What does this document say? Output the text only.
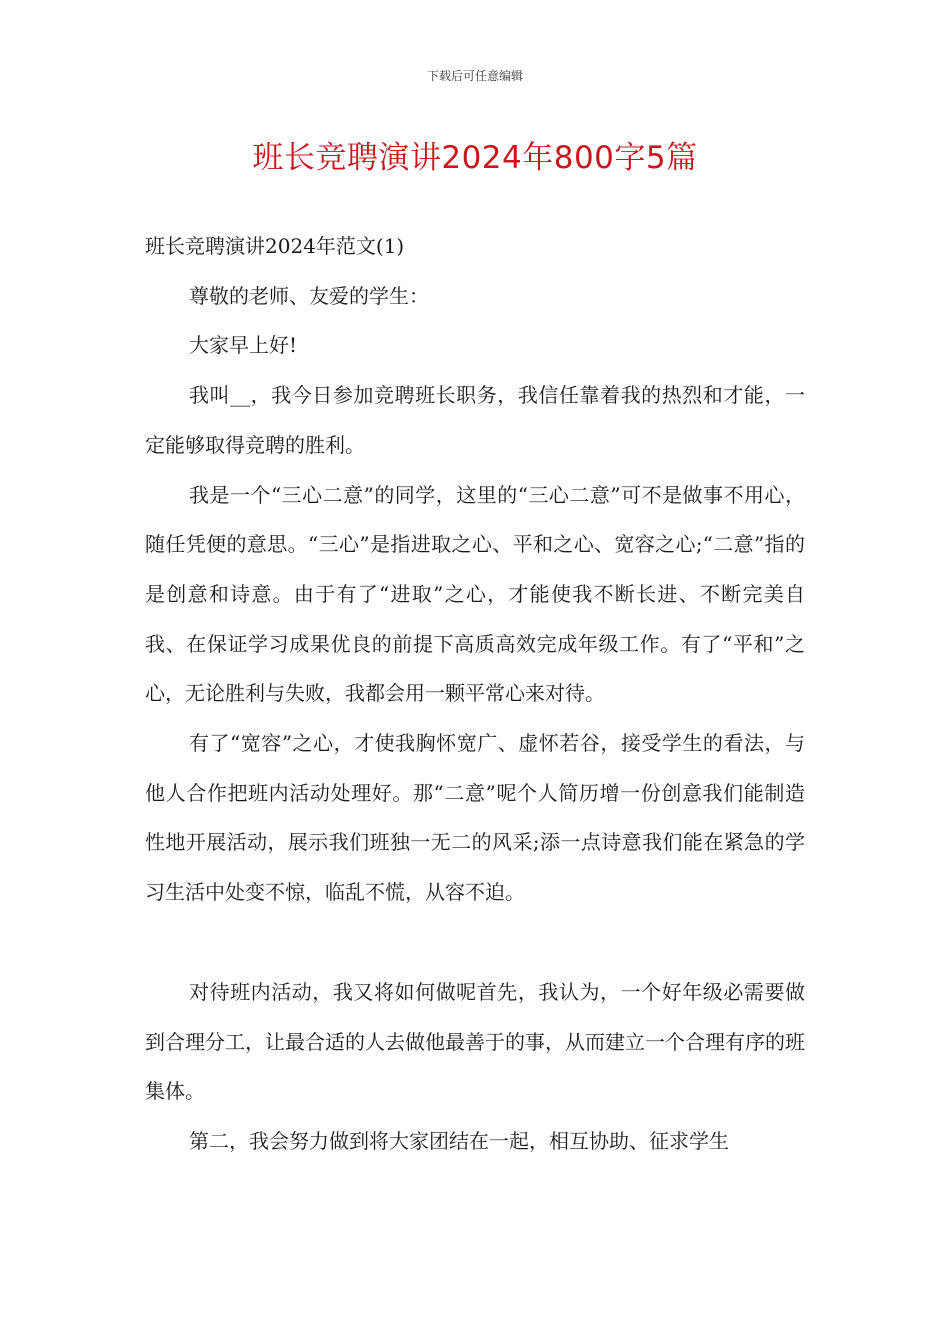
下载后可任意编辑
班长竞聘演讲2024年800字5篇

班长竞聘演讲2024年范文(1)

尊敬的老师、友爱的学生：

大家早上好!

我叫__，我今日参加竞聘班长职务，我信任靠着我的热烈和才能，一定能够取得竞聘的胜利。

我是一个“三心二意”的同学，这里的“三心二意”可不是做事不用心，随任凭便的意思。“三心”是指进取之心、平和之心、宽容之心;“二意”指的是创意和诗意。由于有了“进取”之心，才能使我不断长进、不断完美自我、在保证学习成果优良的前提下高质高效完成年级工作。有了“平和”之心，无论胜利与失败，我都会用一颗平常心来对待。

有了“宽容”之心，才使我胸怀宽广、虚怀若谷，接受学生的看法，与他人合作把班内活动处理好。那“二意”呢个人简历增一份创意我们能制造性地开展活动，展示我们班独一无二的风采;添一点诗意我们能在紧急的学习生活中处变不惊，临乱不慌，从容不迫。

对待班内活动，我又将如何做呢首先，我认为，一个好年级必需要做到合理分工，让最合适的人去做他最善于的事，从而建立一个合理有序的班集体。

第二，我会努力做到将大家团结在一起，相互协助、征求学生
